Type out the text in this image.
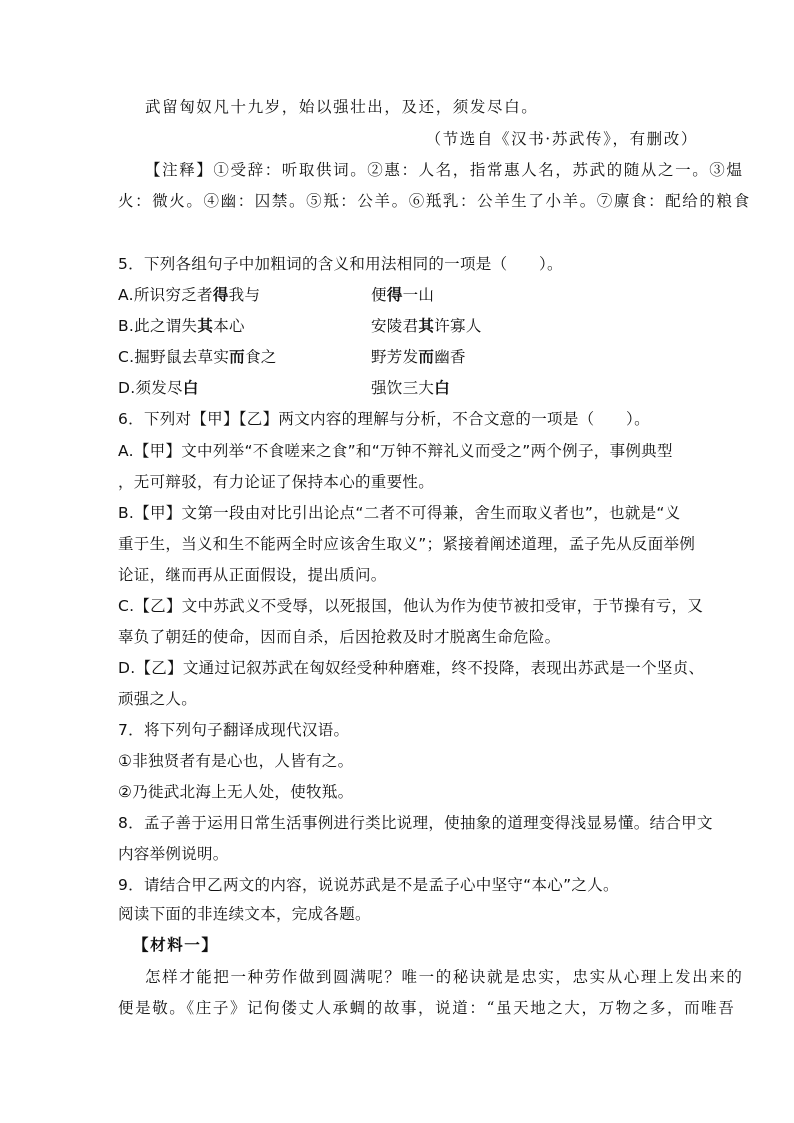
武留匈奴凡十九岁，始以强壮出，及还，须发尽白。
（节选自《汉书·苏武传》，有删改）
【注释】①受辞：听取供词。②惠：人名，指常惠人名，苏武的随从之一。③煴
火：微火。④幽：囚禁。⑤羝：公羊。⑥羝乳：公羊生了小羊。⑦廪食：配给的粮食
5．下列各组句子中加粗词的含义和用法相同的一项是（　　）。
A.所识穷乏者得我与	便得一山
B.此之谓失其本心	安陵君其许寡人
C.掘野鼠去草实而食之	野芳发而幽香
D.须发尽白	强饮三大白
6．下列对【甲】【乙】两文内容的理解与分析，不合文意的一项是（　　）。
A.【甲】文中列举“不食嗟来之食”和“万钟不辩礼义而受之”两个例子，事例典型
，无可辩驳，有力论证了保持本心的重要性。
B.【甲】文第一段由对比引出论点“二者不可得兼，舍生而取义者也”，也就是“义
重于生，当义和生不能两全时应该舍生取义”；紧接着阐述道理，孟子先从反面举例
论证，继而再从正面假设，提出质问。
C.【乙】文中苏武义不受辱，以死报国，他认为作为使节被扣受审，于节操有亏，又
辜负了朝廷的使命，因而自杀，后因抢救及时才脱离生命危险。
D.【乙】文通过记叙苏武在匈奴经受种种磨难，终不投降，表现出苏武是一个坚贞、
顽强之人。
7．将下列句子翻译成现代汉语。
①非独贤者有是心也，人皆有之。
②乃徙武北海上无人处，使牧羝。
8．孟子善于运用日常生活事例进行类比说理，使抽象的道理变得浅显易懂。结合甲文
内容举例说明。
9．请结合甲乙两文的内容，说说苏武是不是孟子心中坚守“本心”之人。
阅读下面的非连续文本，完成各题。
【材料一】
怎样才能把一种劳作做到圆满呢？唯一的秘诀就是忠实，忠实从心理上发出来的
便是敬。《庄子》记佝偻丈人承蜩的故事，说道：“虽天地之大，万物之多，而唯吾
